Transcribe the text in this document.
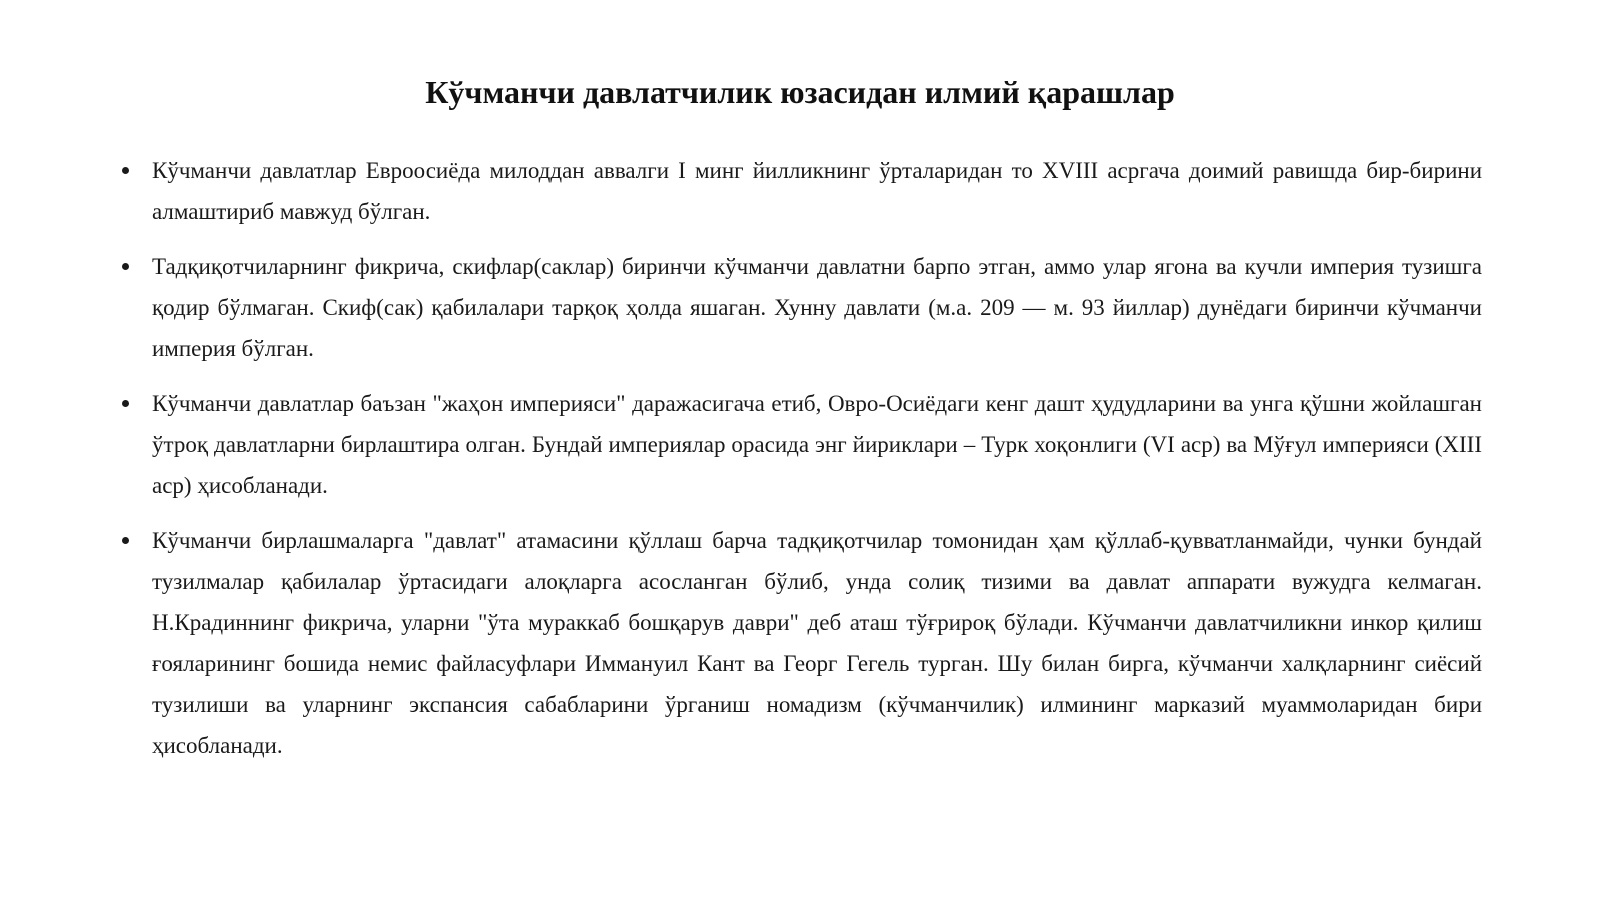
Кўчманчи давлатчилик юзасидан илмий қарашлар
Кўчманчи давлатлар Евроосиёда милоддан аввалги I минг йилликнинг ўрталаридан то XVIII асргача доимий равишда бир-бирини алмаштириб мавжуд бўлган.
Тадқиқотчиларнинг фикрича, скифлар(саклар) биринчи кўчманчи давлатни барпо этган, аммо улар ягона ва кучли империя тузишга қодир бўлмаган. Скиф(сак) қабилалари тарқоқ ҳолда яшаган. Хунну давлати (м.а. 209 — м. 93 йиллар) дунёдаги биринчи кўчманчи империя бўлган.
Кўчманчи давлатлар баъзан "жаҳон империяси" даражасигача етиб, Овро-Осиёдаги кенг дашт ҳудудларини ва унга қўшни жойлашган ўтроқ давлатларни бирлаштира олган. Бундай империялар орасида энг йириклари – Турк хоқонлиги (VI аср) ва Мўғул империяси (XIII аср) ҳисобланади.
Кўчманчи бирлашмаларга "давлат" атамасини қўллаш барча тадқиқотчилар томонидан ҳам қўллаб-қувватланмайди, чунки бундай тузилмалар қабилалар ўртасидаги алоқларга асосланган бўлиб, унда солиқ тизими ва давлат аппарати вужудга келмаган. Н.Крадиннинг фикрича, уларни "ўта мураккаб бошқарув даври" деб аташ тўғрироқ бўлади. Кўчманчи давлатчиликни инкор қилиш ғояларининг бошида немис файласуфлари Иммануил Кант ва Георг Гегель турган. Шу билан бирга, кўчманчи халқларнинг сиёсий тузилиши ва уларнинг экспансия сабабларини ўрганиш номадизм (кўчманчилик) илмининг марказий муаммоларидан бири ҳисобланади.
